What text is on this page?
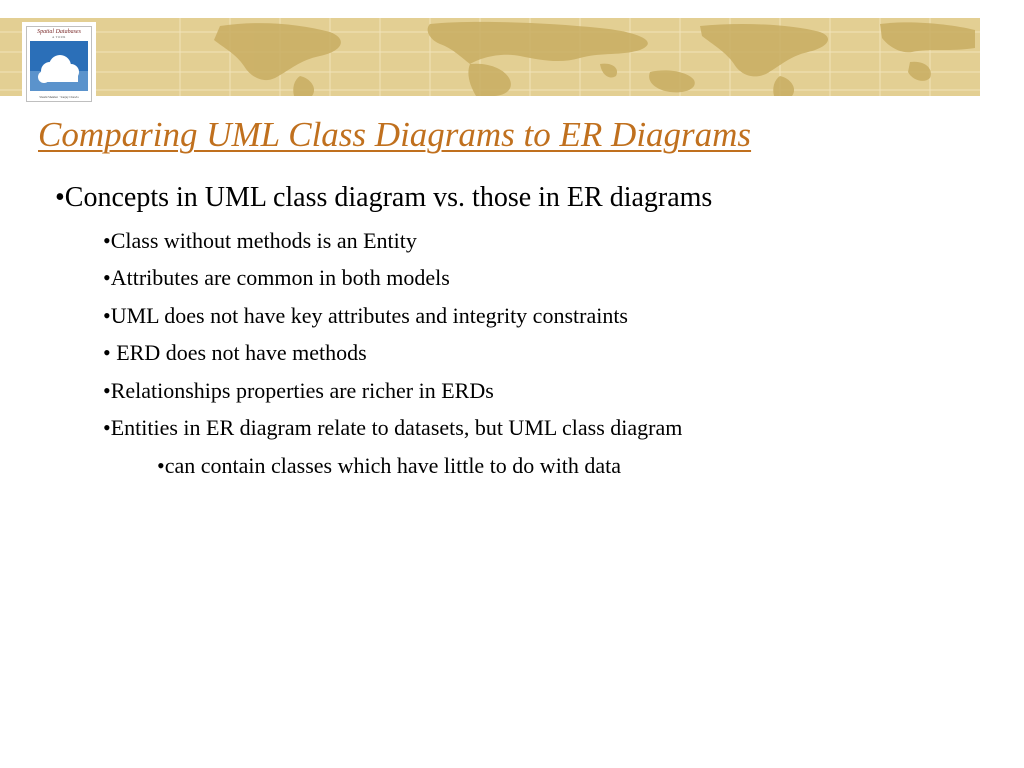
Spatial Databases
A TOUR
Shashi Shekhar · Sanjay Chawla
Comparing UML Class Diagrams to ER Diagrams
•Concepts in UML class diagram vs. those in ER diagrams
•Class without methods is an Entity
•Attributes are common in both models
•UML does not have key attributes and integrity constraints
• ERD does not have methods
•Relationships properties are richer in ERDs
•Entities in ER diagram relate to datasets, but UML class diagram
•can contain classes which have little to do with data
